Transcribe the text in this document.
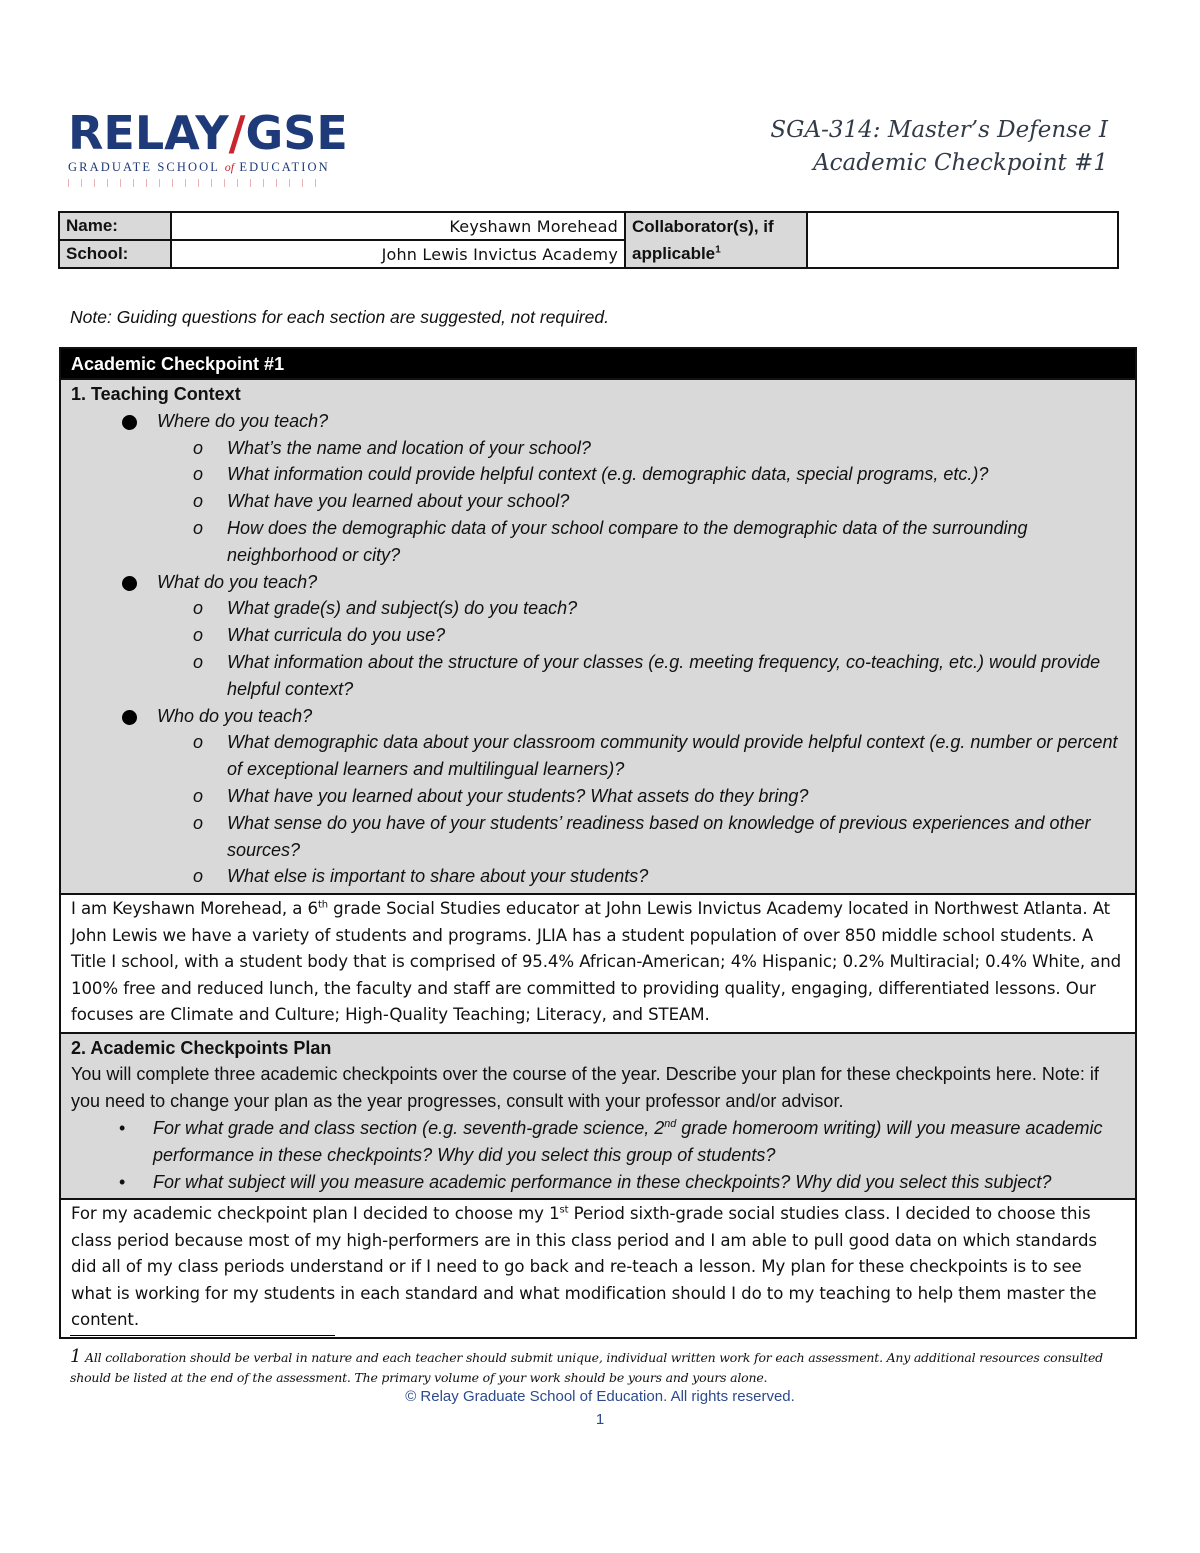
RELAY/GSE
GRADUATE SCHOOL of EDUCATION
SGA-314: Master’s Defense I
Academic Checkpoint #1
Name:	Keyshawn Morehead	Collaborator(s), if
applicable$^1$	
School:	John Lewis Invictus Academy		
Note: Guiding questions for each section are suggested, not required.
Academic Checkpoint #1

1. Teaching Context
Where do you teach?
o What’s the name and location of your school?
o What information could provide helpful context (e.g. demographic data, special programs, etc.)?
o What have you learned about your school?
o How does the demographic data of your school compare to the demographic data of the surrounding neighborhood or city?
What do you teach?
o What grade(s) and subject(s) do you teach?
o What curricula do you use?
o What information about the structure of your classes (e.g. meeting frequency, co-teaching, etc.) would provide helpful context?
Who do you teach?
o What demographic data about your classroom community would provide helpful context (e.g. number or percent of exceptional learners and multilingual learners)?
o What have you learned about your students? What assets do they bring?
o What sense do you have of your students’ readiness based on knowledge of previous experiences and other sources?
o What else is important to share about your students?

I am Keyshawn Morehead, a 6th grade Social Studies educator at John Lewis Invictus Academy located in Northwest Atlanta. At John Lewis we have a variety of students and programs. JLIA has a student population of over 850 middle school students. A Title I school, with a student body that is comprised of 95.4% African-American; 4% Hispanic; 0.2% Multiracial; 0.4% White, and 100% free and reduced lunch, the faculty and staff are committed to providing quality, engaging, differentiated lessons. Our focuses are Climate and Culture; High-Quality Teaching; Literacy, and STEAM.

2. Academic Checkpoints Plan
You will complete three academic checkpoints over the course of the year. Describe your plan for these checkpoints here. Note: if you need to change your plan as the year progresses, consult with your professor and/or advisor.
• For what grade and class section (e.g. seventh-grade science, 2nd grade homeroom writing) will you measure academic performance in these checkpoints? Why did you select this group of students?
• For what subject will you measure academic performance in these checkpoints? Why did you select this subject?

For my academic checkpoint plan I decided to choose my 1st Period sixth-grade social studies class. I decided to choose this class period because most of my high-performers are in this class period and I am able to pull good data on which standards did all of my class periods understand or if I need to go back and re-teach a lesson. My plan for these checkpoints is to see what is working for my students in each standard and what modification should I do to my teaching to help them master the content.
1 All collaboration should be verbal in nature and each teacher should submit unique, individual written work for each assessment. Any additional resources consulted should be listed at the end of the assessment. The primary volume of your work should be yours and yours alone.
© Relay Graduate School of Education. All rights reserved.
1
